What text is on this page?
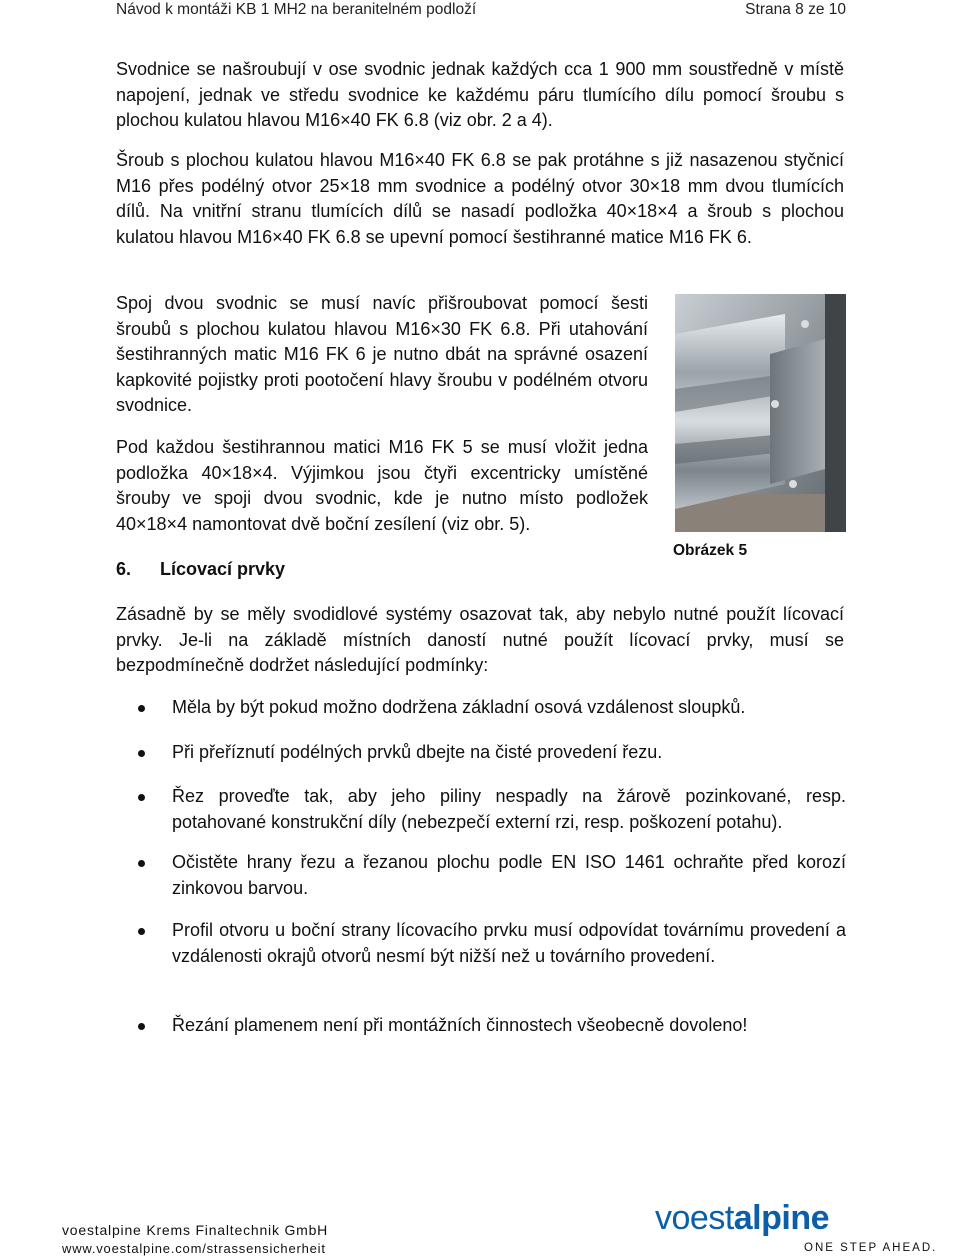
Návod k montáži KB 1 MH2 na beranitelném podloží	Strana 8 ze 10

Svodnice se našroubují v ose svodnic jednak každých cca 1 900 mm soustředně v místě napojení, jednak ve středu svodnice ke každému páru tlumícího dílu pomocí šroubu s plochou kulatou hlavou M16×40 FK 6.8 (viz obr. 2 a 4).

Šroub s plochou kulatou hlavou M16×40 FK 6.8 se pak protáhne s již nasazenou styčnicí M16 přes podélný otvor 25×18 mm svodnice a podélný otvor 30×18 mm dvou tlumících dílů. Na vnitřní stranu tlumících dílů se nasadí podložka 40×18×4 a šroub s plochou kulatou hlavou M16×40 FK 6.8 se upevní pomocí šestihranné matice M16 FK 6.

Spoj dvou svodnic se musí navíc přišroubovat pomocí šesti šroubů s plochou kulatou hlavou M16×30 FK 6.8. Při utahování šestihranných matic M16 FK 6 je nutno dbát na správné osazení kapkovité pojistky proti pootočení hlavy šroubu v podélném otvoru svodnice.

Pod každou šestihrannou matici M16 FK 5 se musí vložit jedna podložka 40×18×4. Výjimkou jsou čtyři excentricky umístěné šrouby ve spoji dvou svodnic, kde je nutno místo podložek 40×18×4 namontovat dvě boční zesílení (viz obr. 5).

Obrázek 5
6. Lícovací prvky

Zásadně by se měly svodidlové systémy osazovat tak, aby nebylo nutné použít lícovací prvky. Je-li na základě místních daností nutné použít lícovací prvky, musí se bezpodmínečně dodržet následující podmínky:

Měla by být pokud možno dodržena základní osová vzdálenost sloupků.
Při přeříznutí podélných prvků dbejte na čisté provedení řezu.
Řez proveďte tak, aby jeho piliny nespadly na žárově pozinkované, resp. potahované konstrukční díly (nebezpečí externí rzi, resp. poškození potahu).
Očistěte hrany řezu a řezanou plochu podle EN ISO 1461 ochraňte před korozí zinkovou barvou.
Profil otvoru u boční strany lícovacího prvku musí odpovídat továrnímu provedení a vzdálenosti okrajů otvorů nesmí být nižší než u továrního provedení.
Řezání plamenem není při montážních činnostech všeobecně dovoleno!
voestalpine Krems Finaltechnik GmbH
www.voestalpine.com/strassensicherheit
voestalpine
ONE STEP AHEAD.
